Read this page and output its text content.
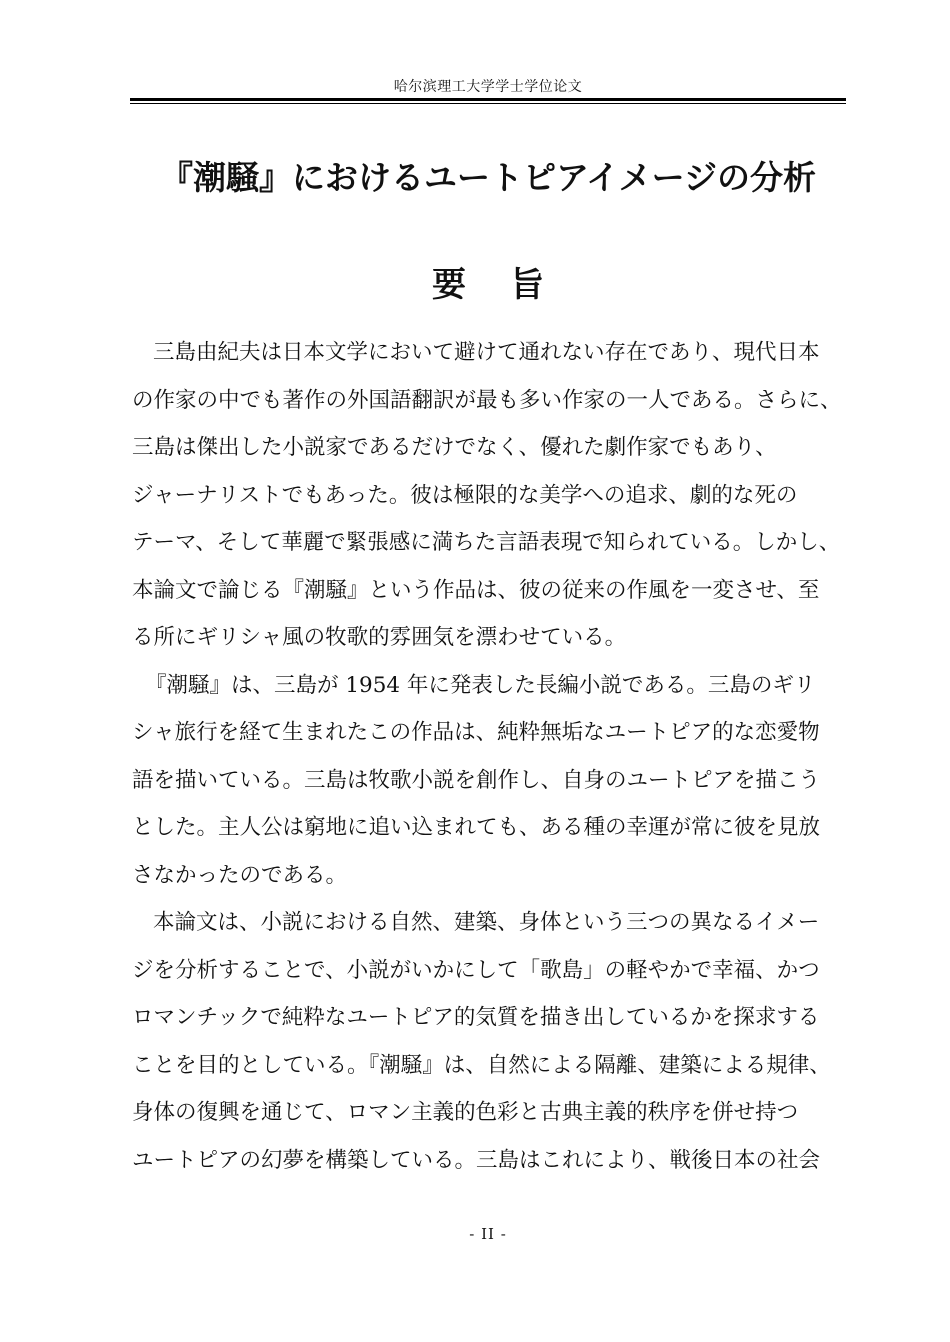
哈尔滨理工大学学士学位论文
『潮騒』におけるユートピアイメージの分析
要旨
三島由紀夫は日本文学において避けて通れない存在であり、現代日本
の作家の中でも著作の外国語翻訳が最も多い作家の一人である。さらに、
三島は傑出した小説家であるだけでなく、優れた劇作家でもあり、
ジャーナリストでもあった。彼は極限的な美学への追求、劇的な死の
テーマ、そして華麗で緊張感に満ちた言語表現で知られている。しかし、
本論文で論じる『潮騒』という作品は、彼の従来の作風を一変させ、至
る所にギリシャ風の牧歌的雰囲気を漂わせている。
『潮騒』は、三島が 1954 年に発表した長編小説である。三島のギリ
シャ旅行を経て生まれたこの作品は、純粋無垢なユートピア的な恋愛物
語を描いている。三島は牧歌小説を創作し、自身のユートピアを描こう
とした。主人公は窮地に追い込まれても、ある種の幸運が常に彼を見放
さなかったのである。
本論文は、小説における自然、建築、身体という三つの異なるイメー
ジを分析することで、小説がいかにして「歌島」の軽やかで幸福、かつ
ロマンチックで純粋なユートピア的気質を描き出しているかを探求する
ことを目的としている。『潮騒』は、自然による隔離、建築による規律、
身体の復興を通じて、ロマン主義的色彩と古典主義的秩序を併せ持つ
ユートピアの幻夢を構築している。三島はこれにより、戦後日本の社会
- II -
